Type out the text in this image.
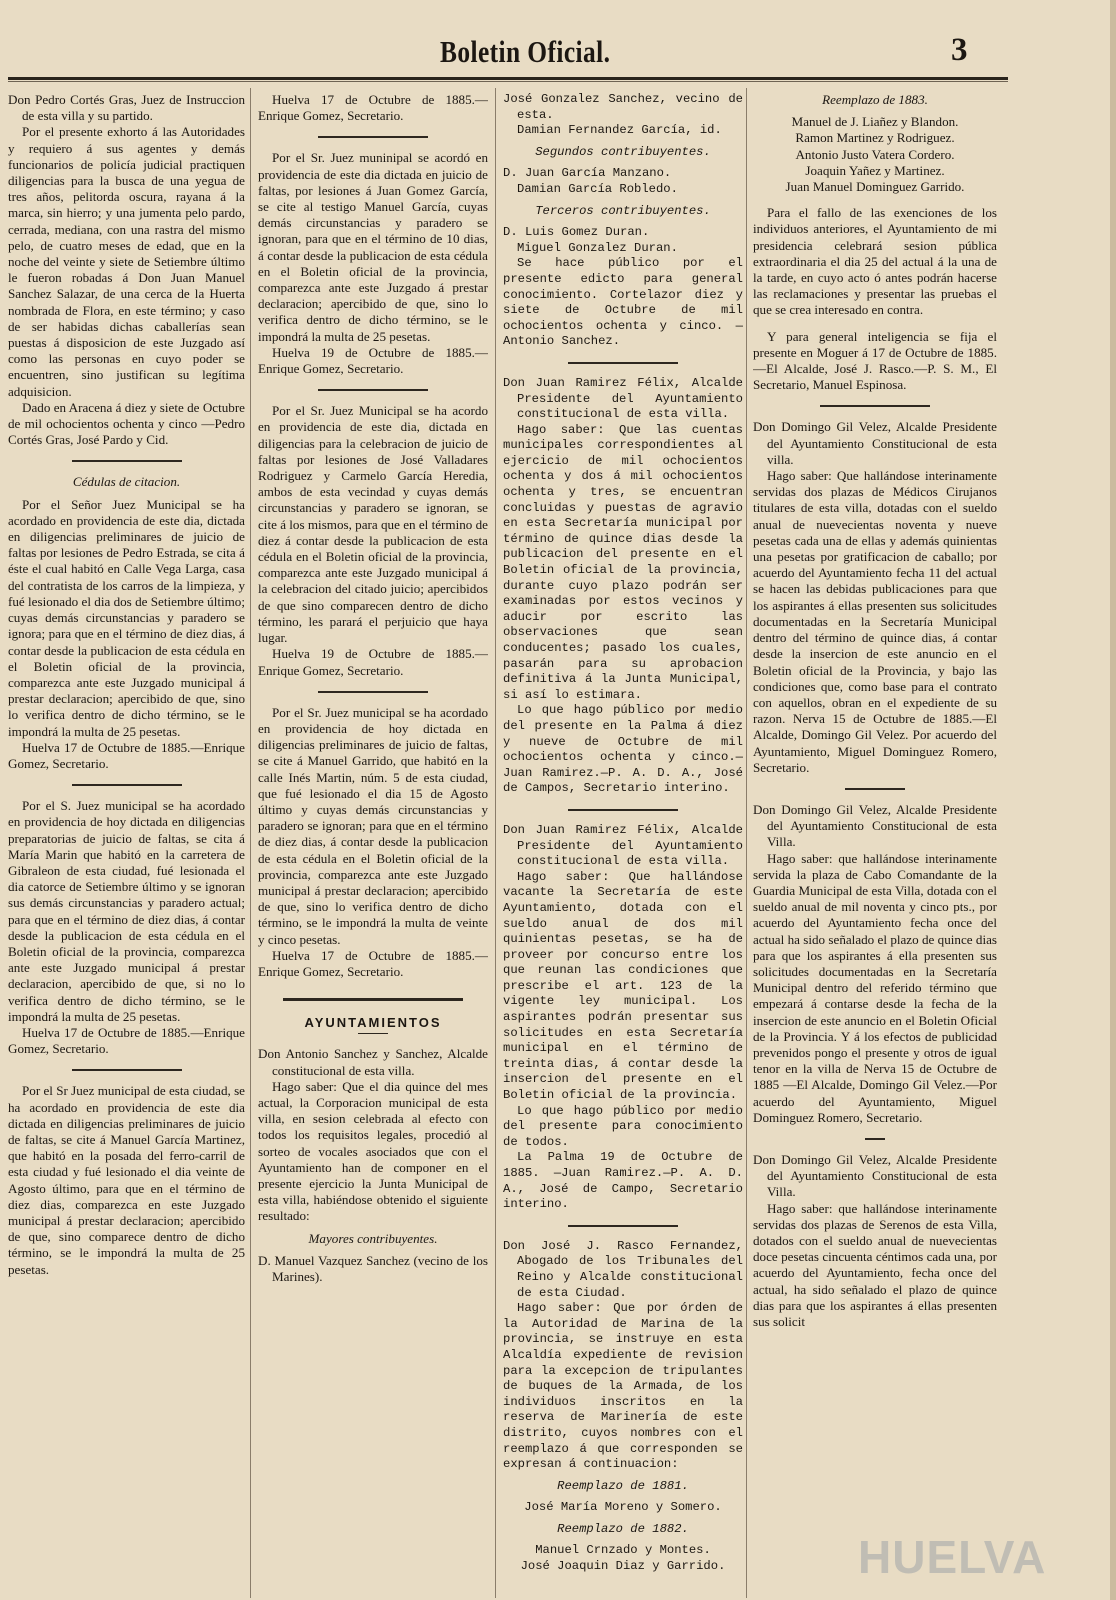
Boletin Oficial.	3

Don Pedro Cortés Gras, Juez de Instruccion de esta villa y su partido.

Por el presente exhorto á las Autoridades y requiero á sus agentes y demás funcionarios de policía judicial practiquen diligencias para la busca de una yegua de tres años, pelitorda oscura, rayana á la marca, sin hierro; y una jumenta pelo pardo, cerrada, mediana, con una rastra del mismo pelo, de cuatro meses de edad, que en la noche del veinte y siete de Setiembre último le fueron robadas á Don Juan Manuel Sanchez Salazar, de una cerca de la Huerta nombrada de Flora, en este término; y caso de ser habidas dichas caballerías sean puestas á disposicion de este Juzgado así como las personas en cuyo poder se encuentren, sino justifican su legítima adquisicion.

Dado en Aracena á diez y siete de Octubre de mil ochocientos ochenta y cinco —Pedro Cortés Gras, José Pardo y Cid.

Cédulas de citacion.

Por el Señor Juez Municipal se ha acordado en providencia de este dia, dictada en diligencias preliminares de juicio de faltas por lesiones de Pedro Estrada, se cita á éste el cual habitó en Calle Vega Larga, casa del contratista de los carros de la limpieza, y fué lesionado el dia dos de Setiembre último; cuyas demás circunstancias y paradero se ignora; para que en el término de diez dias, á contar desde la publicacion de esta cédula en el Boletin oficial de la provincia, comparezca ante este Juzgado municipal á prestar declaracion; apercibido de que, sino lo verifica dentro de dicho término, se le impondrá la multa de 25 pesetas.

Huelva 17 de Octubre de 1885.—Enrique Gomez, Secretario.

Por el S. Juez municipal se ha acordado en providencia de hoy dictada en diligencias preparatorias de juicio de faltas, se cita á María Marin que habitó en la carretera de Gibraleon de esta ciudad, fué lesionada el dia catorce de Setiembre último y se ignoran sus demás circunstancias y paradero actual; para que en el término de diez dias, á contar desde la publicacion de esta cédula en el Boletin oficial de la provincia, comparezca ante este Juzgado municipal á prestar declaracion, apercibido de que, si no lo verifica dentro de dicho término, se le impondrá la multa de 25 pesetas.

Huelva 17 de Octubre de 1885.—Enrique Gomez, Secretario.

Por el Sr Juez municipal de esta ciudad, se ha acordado en providencia de este dia dictada en diligencias preliminares de juicio de faltas, se cite á Manuel García Martinez, que habitó en la posada del ferro-carril de esta ciudad y fué lesionado el dia veinte de Agosto último, para que en el término de diez dias, comparezca en este Juzgado municipal á prestar declaracion; apercibido de que, sino comparece dentro de dicho término, se le impondrá la multa de 25 pesetas.

Huelva 17 de Octubre de 1885.—Enrique Gomez, Secretario.

Por el Sr. Juez muninipal se acordó en providencia de este dia dictada en juicio de faltas, por lesiones á Juan Gomez García, se cite al testigo Manuel García, cuyas demás circunstancias y paradero se ignoran, para que en el término de 10 dias, á contar desde la publicacion de esta cédula en el Boletin oficial de la provincia, comparezca ante este Juzgado á prestar declaracion; apercibido de que, sino lo verifica dentro de dicho término, se le impondrá la multa de 25 pesetas.

Huelva 19 de Octubre de 1885.—Enrique Gomez, Secretario.

Por el Sr. Juez Municipal se ha acordo en providencia de este dia, dictada en diligencias para la celebracion de juicio de faltas por lesiones de José Valladares Rodriguez y Carmelo García Heredia, ambos de esta vecindad y cuyas demás circunstancias y paradero se ignoran, se cite á los mismos, para que en el término de diez á contar desde la publicacion de esta cédula en el Boletin oficial de la provincia, comparezca ante este Juzgado municipal á la celebracion del citado juicio; apercibidos de que sino comparecen dentro de dicho término, les parará el perjuicio que haya lugar.

Huelva 19 de Octubre de 1885.—Enrique Gomez, Secretario.

Por el Sr. Juez municipal se ha acordado en providencia de hoy dictada en diligencias preliminares de juicio de faltas, se cite á Manuel Garrido, que habitó en la calle Inés Martin, núm. 5 de esta ciudad, que fué lesionado el dia 15 de Agosto último y cuyas demás circunstancias y paradero se ignoran; para que en el término de diez dias, á contar desde la publicacion de esta cédula en el Boletin oficial de la provincia, comparezca ante este Juzgado municipal á prestar declaracion; apercibido de que, sino lo verifica dentro de dicho término, se le impondrá la multa de veinte y cinco pesetas.

Huelva 17 de Octubre de 1885.—Enrique Gomez, Secretario.

AYUNTAMIENTOS

Don Antonio Sanchez y Sanchez, Alcalde constitucional de esta villa.

Hago saber: Que el dia quince del mes actual, la Corporacion municipal de esta villa, en sesion celebrada al efecto con todos los requisitos legales, procedió al sorteo de vocales asociados que con el Ayuntamiento han de componer en el presente ejercicio la Junta Municipal de esta villa, habiéndose obtenido el siguiente resultado:

Mayores contribuyentes.

D. Manuel Vazquez Sanchez (vecino de los Marines).

José Gonzalez Sanchez, vecino de esta.

Damian Fernandez García, id.

Segundos contribuyentes.

D. Juan García Manzano.

Damian García Robledo.

Terceros contribuyentes.

D. Luis Gomez Duran.

Miguel Gonzalez Duran.

Se hace público por el presente edicto para general conocimiento. Cortelazor diez y siete de Octubre de mil ochocientos ochenta y cinco. —Antonio Sanchez.

Don Juan Ramirez Félix, Alcalde Presidente del Ayuntamiento constitucional de esta villa.

Hago saber: Que las cuentas municipales correspondientes al ejercicio de mil ochocientos ochenta y dos á mil ochocientos ochenta y tres, se encuentran concluidas y puestas de agravio en esta Secretaría municipal por término de quince dias desde la publicacion del presente en el Boletin oficial de la provincia, durante cuyo plazo podrán ser examinadas por estos vecinos y aducir por escrito las observaciones que sean conducentes; pasado los cuales, pasarán para su aprobacion definitiva á la Junta Municipal, si así lo estimara.

Lo que hago público por medio del presente en la Palma á diez y nueve de Octubre de mil ochocientos ochenta y cinco.—Juan Ramirez.—P. A. D. A., José de Campos, Secretario interino.

Don Juan Ramirez Félix, Alcalde Presidente del Ayuntamiento constitucional de esta villa.

Hago saber: Que hallándose vacante la Secretaría de este Ayuntamiento, dotada con el sueldo anual de dos mil quinientas pesetas, se ha de proveer por concurso entre los que reunan las condiciones que prescribe el art. 123 de la vigente ley municipal. Los aspirantes podrán presentar sus solicitudes en esta Secretaría municipal en el término de treinta dias, á contar desde la insercion del presente en el Boletin oficial de la provincia.

Lo que hago público por medio del presente para conocimiento de todos.

La Palma 19 de Octubre de 1885. —Juan Ramirez.—P. A. D. A., José de Campo, Secretario interino.

Don José J. Rasco Fernandez, Abogado de los Tribunales del Reino y Alcalde constitucional de esta Ciudad.

Hago saber: Que por órden de la Autoridad de Marina de la provincia, se instruye en esta Alcaldía expediente de revision para la excepcion de tripulantes de buques de la Armada, de los individuos inscritos en la reserva de Marinería de este distrito, cuyos nombres con el reemplazo á que corresponden se expresan á continuacion:

Reemplazo de 1881.

José María Moreno y Somero.

Reemplazo de 1882.

Manuel Crnzado y Montes.

José Joaquin Diaz y Garrido.

Reemplazo de 1883.

Manuel de J. Liañez y Blandon.

Ramon Martinez y Rodriguez.

Antonio Justo Vatera Cordero.

Joaquin Yañez y Martinez.

Juan Manuel Dominguez Garrido.

Para el fallo de las exenciones de los individuos anteriores, el Ayuntamiento de mi presidencia celebrará sesion pública extraordinaria el dia 25 del actual á la una de la tarde, en cuyo acto ó antes podrán hacerse las reclamaciones y presentar las pruebas el que se crea interesado en contra.

Y para general inteligencia se fija el presente en Moguer á 17 de Octubre de 1885.—El Alcalde, José J. Rasco.—P. S. M., El Secretario, Manuel Espinosa.

Don Domingo Gil Velez, Alcalde Presidente del Ayuntamiento Constitucional de esta villa.

Hago saber: Que hallándose interinamente servidas dos plazas de Médicos Cirujanos titulares de esta villa, dotadas con el sueldo anual de nuevecientas noventa y nueve pesetas cada una de ellas y además quinientas una pesetas por gratificacion de caballo; por acuerdo del Ayuntamiento fecha 11 del actual se hacen las debidas publicaciones para que los aspirantes á ellas presenten sus solicitudes documentadas en la Secretaría Municipal dentro del término de quince dias, á contar desde la insercion de este anuncio en el Boletin oficial de la Provincia, y bajo las condiciones que, como base para el contrato con aquellos, obran en el expediente de su razon. Nerva 15 de Octubre de 1885.—El Alcalde, Domingo Gil Velez. Por acuerdo del Ayuntamiento, Miguel Dominguez Romero, Secretario.

Don Domingo Gil Velez, Alcalde Presidente del Ayuntamiento Constitucional de esta Villa.

Hago saber: que hallándose interinamente servida la plaza de Cabo Comandante de la Guardia Municipal de esta Villa, dotada con el sueldo anual de mil noventa y cinco pts., por acuerdo del Ayuntamiento fecha once del actual ha sido señalado el plazo de quince dias para que los aspirantes á ella presenten sus solicitudes documentadas en la Secretaría Municipal dentro del referido término que empezará á contarse desde la fecha de la insercion de este anuncio en el Boletin Oficial de la Provincia. Y á los efectos de publicidad prevenidos pongo el presente y otros de igual tenor en la villa de Nerva 15 de Octubre de 1885 —El Alcalde, Domingo Gil Velez.—Por acuerdo del Ayuntamiento, Miguel Dominguez Romero, Secretario.

Don Domingo Gil Velez, Alcalde Presidente del Ayuntamiento Constitucional de esta Villa.

Hago saber: que hallándose interinamente servidas dos plazas de Serenos de esta Villa, dotados con el sueldo anual de nuevecientas doce pesetas cincuenta céntimos cada una, por acuerdo del Ayuntamiento, fecha once del actual, ha sido señalado el plazo de quince dias para que los aspirantes á ellas presenten sus solicit

HUELVA
